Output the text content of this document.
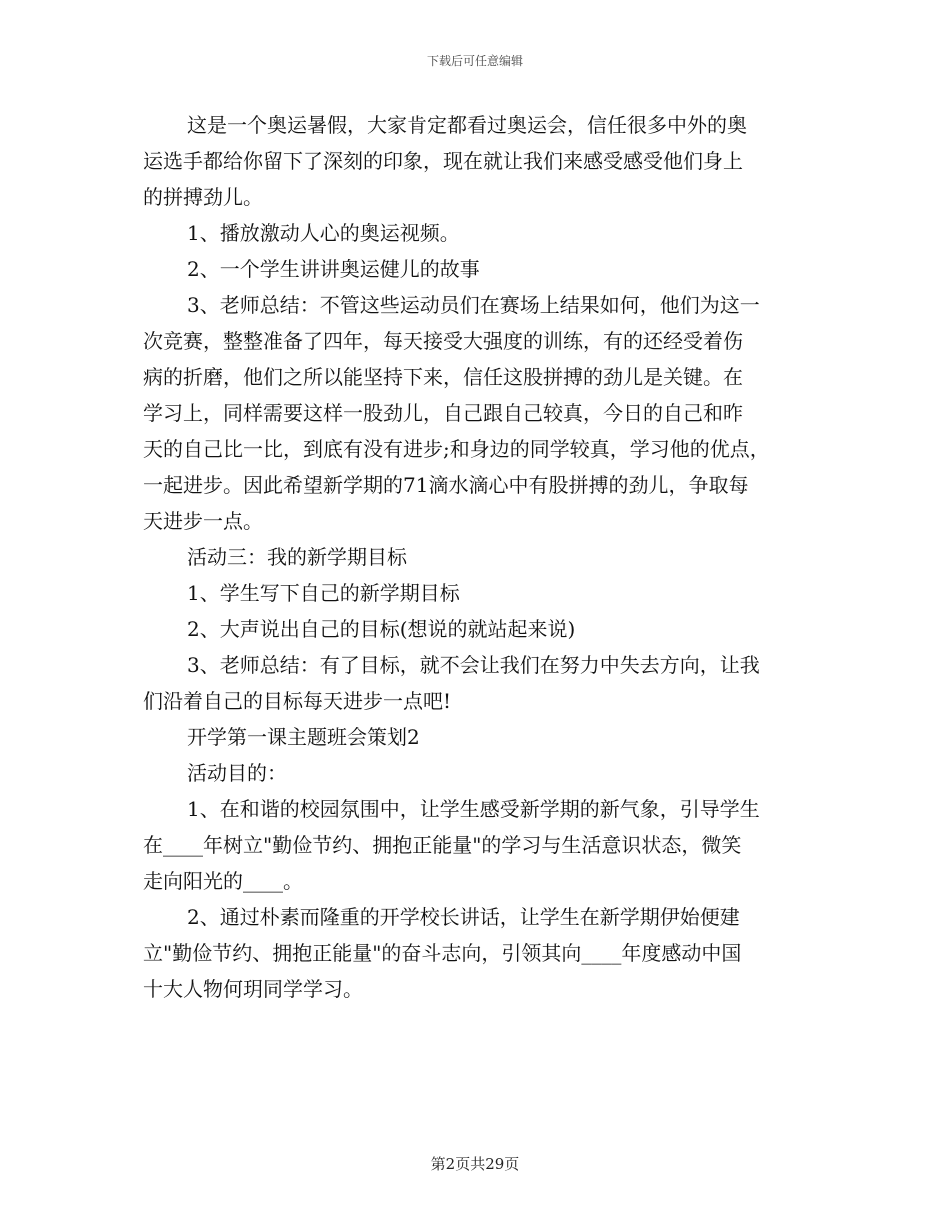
下载后可任意编辑
这是一个奥运暑假，大家肯定都看过奥运会，信任很多中外的奥
运选手都给你留下了深刻的印象，现在就让我们来感受感受他们身上
的拼搏劲儿。
1、播放激动人心的奥运视频。
2、一个学生讲讲奥运健儿的故事
3、老师总结：不管这些运动员们在赛场上结果如何，他们为这一
次竞赛，整整准备了四年，每天接受大强度的训练，有的还经受着伤
病的折磨，他们之所以能坚持下来，信任这股拼搏的劲儿是关键。在
学习上，同样需要这样一股劲儿，自己跟自己较真，今日的自己和昨
天的自己比一比，到底有没有进步;和身边的同学较真，学习他的优点，
一起进步。因此希望新学期的71滴水滴心中有股拼搏的劲儿，争取每
天进步一点。
活动三：我的新学期目标
1、学生写下自己的新学期目标
2、大声说出自己的目标(想说的就站起来说)
3、老师总结：有了目标，就不会让我们在努力中失去方向，让我
们沿着自己的目标每天进步一点吧!
开学第一课主题班会策划2
活动目的：
1、在和谐的校园氛围中，让学生感受新学期的新气象，引导学生
在____年树立"勤俭节约、拥抱正能量"的学习与生活意识状态，微笑
走向阳光的____。
2、通过朴素而隆重的开学校长讲话，让学生在新学期伊始便建
立"勤俭节约、拥抱正能量"的奋斗志向，引领其向____年度感动中国
十大人物何玥同学学习。
第2页共29页
